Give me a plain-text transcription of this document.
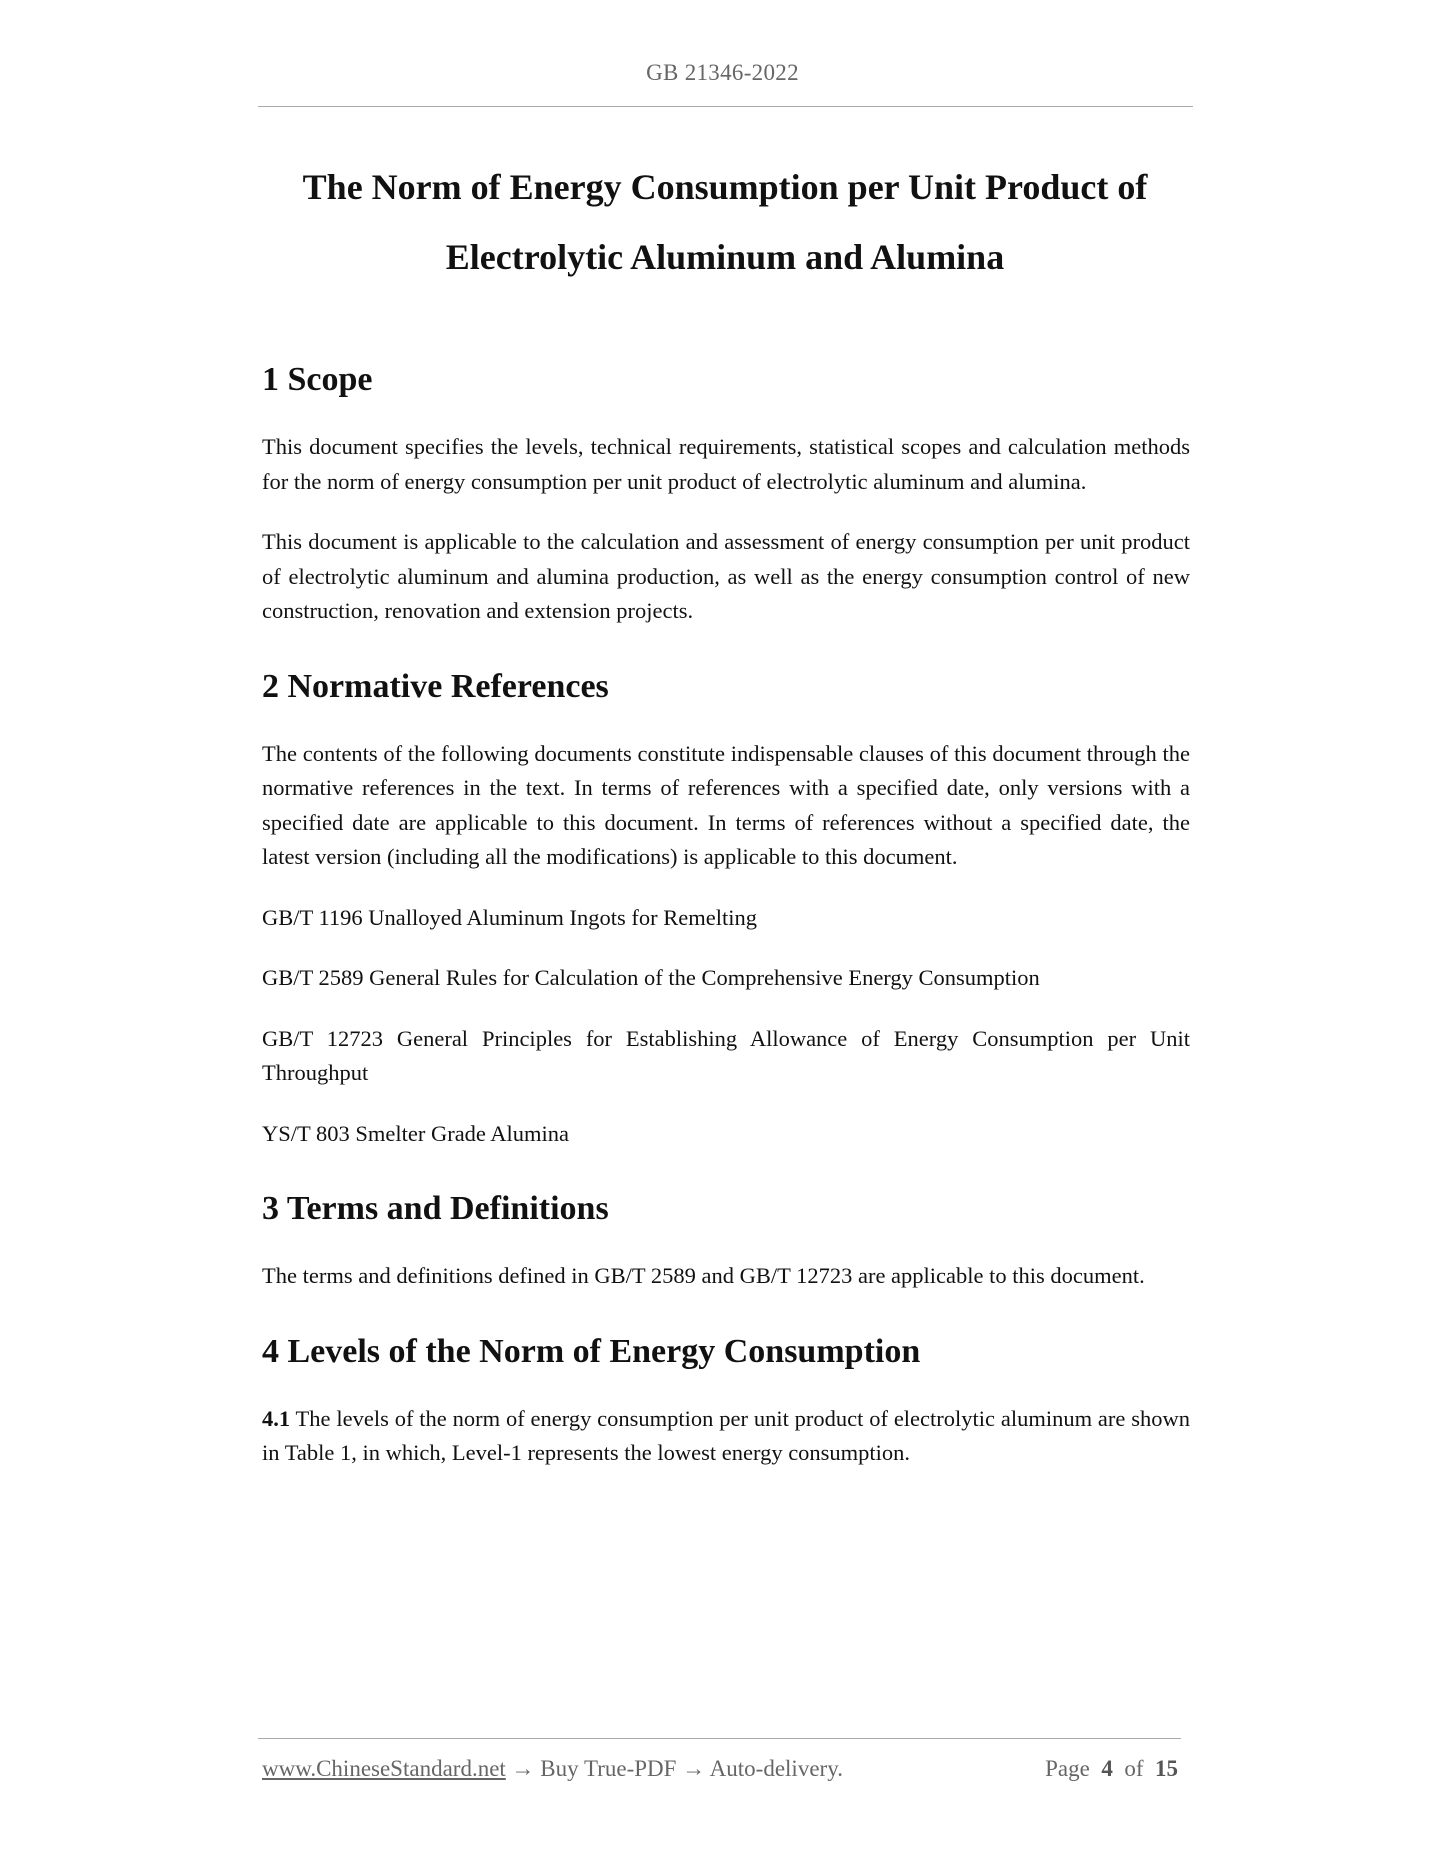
GB 21346-2022
The Norm of Energy Consumption per Unit Product of
Electrolytic Aluminum and Alumina
1 Scope

This document specifies the levels, technical requirements, statistical scopes and calculation methods for the norm of energy consumption per unit product of electrolytic aluminum and alumina.

This document is applicable to the calculation and assessment of energy consumption per unit product of electrolytic aluminum and alumina production, as well as the energy consumption control of new construction, renovation and extension projects.

2 Normative References

The contents of the following documents constitute indispensable clauses of this document through the normative references in the text. In terms of references with a specified date, only versions with a specified date are applicable to this document. In terms of references without a specified date, the latest version (including all the modifications) is applicable to this document.

GB/T 1196 Unalloyed Aluminum Ingots for Remelting

GB/T 2589 General Rules for Calculation of the Comprehensive Energy Consumption

GB/T 12723 General Principles for Establishing Allowance of Energy Consumption per Unit Throughput

YS/T 803 Smelter Grade Alumina

3 Terms and Definitions

The terms and definitions defined in GB/T 2589 and GB/T 12723 are applicable to this document.

4 Levels of the Norm of Energy Consumption

4.1 The levels of the norm of energy consumption per unit product of electrolytic aluminum are shown in Table 1, in which, Level-1 represents the lowest energy consumption.

www.ChineseStandard.net → Buy True-PDF → Auto-delivery.	Page 4 of 15
